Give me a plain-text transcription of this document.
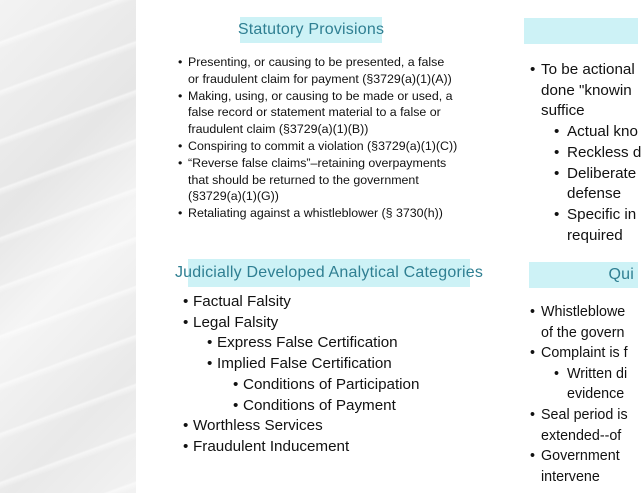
Statutory Provisions
• Presenting, or causing to be presented, a false
or fraudulent claim for payment (§3729(a)(1)(A))
• Making, using, or causing to be made or used, a
false record or statement material to a false or
fraudulent claim (§3729(a)(1)(B))
• Conspiring to commit a violation (§3729(a)(1)(C))
• “Reverse false claims”–retaining overpayments
that should be returned to the government
(§3729(a)(1)(G))
• Retaliating against a whistleblower (§ 3730(h))
Judicially Developed Analytical Categories
• Factual Falsity
• Legal Falsity
• Express False Certification
• Implied False Certification
• Conditions of Participation
• Conditions of Payment
• Worthless Services
• Fraudulent Inducement
• To be actional
done "knowin
suffice
• Actual kno
• Reckless d
• Deliberate
defense
• Specific in
required
Qui
• Whistleblowe
of the govern
• Complaint is f
• Written di
evidence
• Seal period is
extended--of
• Government
intervene
